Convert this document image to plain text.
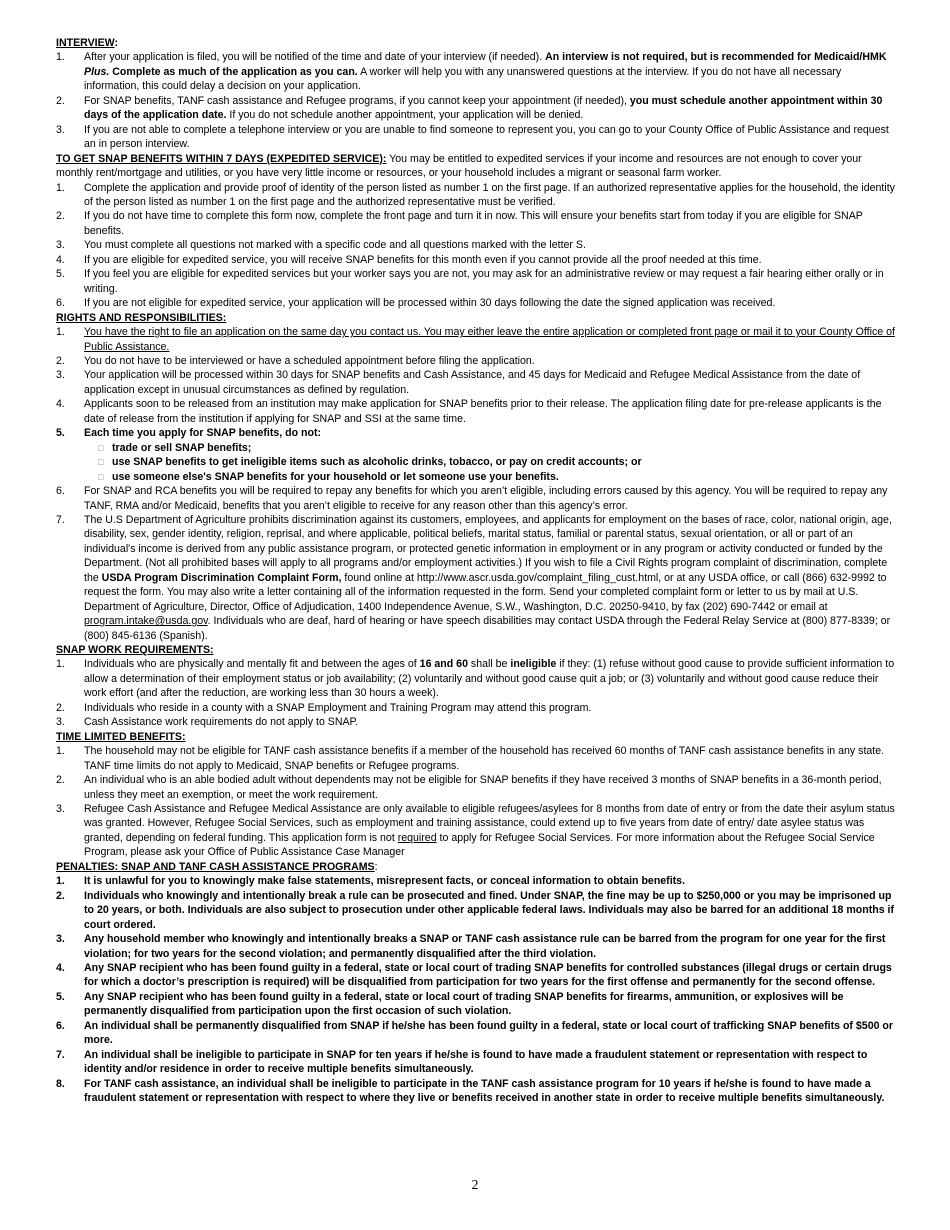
INTERVIEW:
1.	After your application is filed, you will be notified of the time and date of your interview (if needed). An interview is not required, but is recommended for Medicaid/HMK Plus. Complete as much of the application as you can. A worker will help you with any unanswered questions at the interview. If you do not have all necessary information, this could delay a decision on your application.
2.	For SNAP benefits, TANF cash assistance and Refugee programs, if you cannot keep your appointment (if needed), you must schedule another appointment within 30 days of the application date. If you do not schedule another appointment, your application will be denied.
3.	If you are not able to complete a telephone interview or you are unable to find someone to represent you, you can go to your County Office of Public Assistance and request an in person interview.
TO GET SNAP BENEFITS WITHIN 7 DAYS (EXPEDITED SERVICE): You may be entitled to expedited services if your income and resources are not enough to cover your monthly rent/mortgage and utilities, or you have very little income or resources, or your household includes a migrant or seasonal farm worker.
1.	Complete the application and provide proof of identity of the person listed as number 1 on the first page. If an authorized representative applies for the household, the identity of the person listed as number 1 on the first page and the authorized representative must be verified.
2.	If you do not have time to complete this form now, complete the front page and turn it in now. This will ensure your benefits start from today if you are eligible for SNAP benefits.
3.	You must complete all questions not marked with a specific code and all questions marked with the letter S.
4.	If you are eligible for expedited service, you will receive SNAP benefits for this month even if you cannot provide all the proof needed at this time.
5.	If you feel you are eligible for expedited services but your worker says you are not, you may ask for an administrative review or may request a fair hearing either orally or in writing.
6.	If you are not eligible for expedited service, your application will be processed within 30 days following the date the signed application was received.
RIGHTS AND RESPONSIBILITIES:
1.	You have the right to file an application on the same day you contact us. You may either leave the entire application or completed front page or mail it to your County Office of Public Assistance.
2.	You do not have to be interviewed or have a scheduled appointment before filing the application.
3.	Your application will be processed within 30 days for SNAP benefits and Cash Assistance, and 45 days for Medicaid and Refugee Medical Assistance from the date of application except in unusual circumstances as defined by regulation.
4.	Applicants soon to be released from an institution may make application for SNAP benefits prior to their release. The application filing date for pre-release applicants is the date of release from the institution if applying for SNAP and SSI at the same time.
5.	Each time you apply for SNAP benefits, do not:
□ trade or sell SNAP benefits;
□ use SNAP benefits to get ineligible items such as alcoholic drinks, tobacco, or pay on credit accounts; or
□ use someone else's SNAP benefits for your household or let someone use your benefits.
6.	For SNAP and RCA benefits you will be required to repay any benefits for which you aren’t eligible, including errors caused by this agency. You will be required to repay any TANF, RMA and/or Medicaid, benefits that you aren’t eligible to receive for any reason other than this agency’s error.
7.	The U.S Department of Agriculture prohibits discrimination against its customers, employees, and applicants for employment on the bases of race, color, national origin, age, disability, sex, gender identity, religion, reprisal, and where applicable, political beliefs, marital status, familial or parental status, sexual orientation, or all or part of an individual's income is derived from any public assistance program, or protected genetic information in employment or in any program or activity conducted or funded by the Department. (Not all prohibited bases will apply to all programs and/or employment activities.) If you wish to file a Civil Rights program complaint of discrimination, complete the USDA Program Discrimination Complaint Form, found online at http://www.ascr.usda.gov/complaint_filing_cust.html, or at any USDA office, or call (866) 632-9992 to request the form. You may also write a letter containing all of the information requested in the form. Send your completed complaint form or letter to us by mail at U.S. Department of Agriculture, Director, Office of Adjudication, 1400 Independence Avenue, S.W., Washington, D.C. 20250-9410, by fax (202) 690-7442 or email at program.intake@usda.gov. Individuals who are deaf, hard of hearing or have speech disabilities may contact USDA through the Federal Relay Service at (800) 877-8339; or (800) 845-6136 (Spanish).
SNAP WORK REQUIREMENTS:
1.	Individuals who are physically and mentally fit and between the ages of 16 and 60 shall be ineligible if they: (1) refuse without good cause to provide sufficient information to allow a determination of their employment status or job availability; (2) voluntarily and without good cause quit a job; or (3) voluntarily and without good cause reduce their work effort (and after the reduction, are working less than 30 hours a week).
2.	Individuals who reside in a county with a SNAP Employment and Training Program may attend this program.
3.	Cash Assistance work requirements do not apply to SNAP.
TIME LIMITED BENEFITS:
1.	The household may not be eligible for TANF cash assistance benefits if a member of the household has received 60 months of TANF cash assistance benefits in any state. TANF time limits do not apply to Medicaid, SNAP benefits or Refugee programs.
2.	An individual who is an able bodied adult without dependents may not be eligible for SNAP benefits if they have received 3 months of SNAP benefits in a 36-month period, unless they meet an exemption, or meet the work requirement.
3.	Refugee Cash Assistance and Refugee Medical Assistance are only available to eligible refugees/asylees for 8 months from date of entry or from the date their asylum status was granted. However, Refugee Social Services, such as employment and training assistance, could extend up to five years from date of entry/ date asylee status was granted, depending on federal funding. This application form is not required to apply for Refugee Social Services. For more information about the Refugee Social Service Program, please ask your Office of Public Assistance Case Manager
PENALTIES: SNAP AND TANF CASH ASSISTANCE PROGRAMS:
1.	It is unlawful for you to knowingly make false statements, misrepresent facts, or conceal information to obtain benefits.
2.	Individuals who knowingly and intentionally break a rule can be prosecuted and fined. Under SNAP, the fine may be up to $250,000 or you may be imprisoned up to 20 years, or both. Individuals are also subject to prosecution under other applicable federal laws. Individuals may also be barred for an additional 18 months if court ordered.
3.	Any household member who knowingly and intentionally breaks a SNAP or TANF cash assistance rule can be barred from the program for one year for the first violation; for two years for the second violation; and permanently disqualified after the third violation.
4.	Any SNAP recipient who has been found guilty in a federal, state or local court of trading SNAP benefits for controlled substances (illegal drugs or certain drugs for which a doctor’s prescription is required) will be disqualified from participation for two years for the first offense and permanently for the second offense.
5.	Any SNAP recipient who has been found guilty in a federal, state or local court of trading SNAP benefits for firearms, ammunition, or explosives will be permanently disqualified from participation upon the first occasion of such violation.
6.	An individual shall be permanently disqualified from SNAP if he/she has been found guilty in a federal, state or local court of trafficking SNAP benefits of $500 or more.
7.	An individual shall be ineligible to participate in SNAP for ten years if he/she is found to have made a fraudulent statement or representation with respect to identity and/or residence in order to receive multiple benefits simultaneously.
8.	For TANF cash assistance, an individual shall be ineligible to participate in the TANF cash assistance program for 10 years if he/she is found to have made a fraudulent statement or representation with respect to where they live or benefits received in another state in order to receive multiple benefits simultaneously.
2
